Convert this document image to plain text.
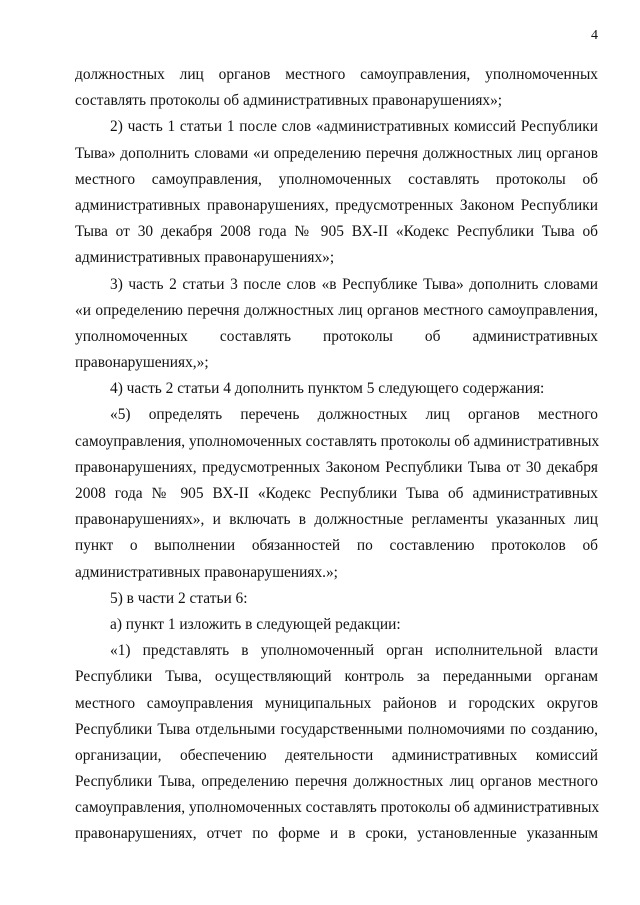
4
должностных лиц органов местного самоуправления, уполномоченных
составлять протоколы об административных правонарушениях»;
2) часть 1 статьи 1 после слов «административных комиссий Республики
Тыва» дополнить словами «и определению перечня должностных лиц органов
местного самоуправления, уполномоченных составлять протоколы об
административных правонарушениях, предусмотренных Законом Республики
Тыва от 30 декабря 2008 года № 905 ВХ-II «Кодекс Республики Тыва об
административных правонарушениях»;
3) часть 2 статьи 3 после слов «в Республике Тыва» дополнить словами
«и определению перечня должностных лиц органов местного самоуправления,
уполномоченных составлять протоколы об административных
правонарушениях,»;
4) часть 2 статьи 4 дополнить пунктом 5 следующего содержания:
«5) определять перечень должностных лиц органов местного
самоуправления, уполномоченных составлять протоколы об административных
правонарушениях, предусмотренных Законом Республики Тыва от 30 декабря
2008 года № 905 ВХ-II «Кодекс Республики Тыва об административных
правонарушениях», и включать в должностные регламенты указанных лиц
пункт о выполнении обязанностей по составлению протоколов об
административных правонарушениях.»;
5) в части 2 статьи 6:
а) пункт 1 изложить в следующей редакции:
«1) представлять в уполномоченный орган исполнительной власти
Республики Тыва, осуществляющий контроль за переданными органам
местного самоуправления муниципальных районов и городских округов
Республики Тыва отдельными государственными полномочиями по созданию,
организации, обеспечению деятельности административных комиссий
Республики Тыва, определению перечня должностных лиц органов местного
самоуправления, уполномоченных составлять протоколы об административных
правонарушениях, отчет по форме и в сроки, установленные указанным
